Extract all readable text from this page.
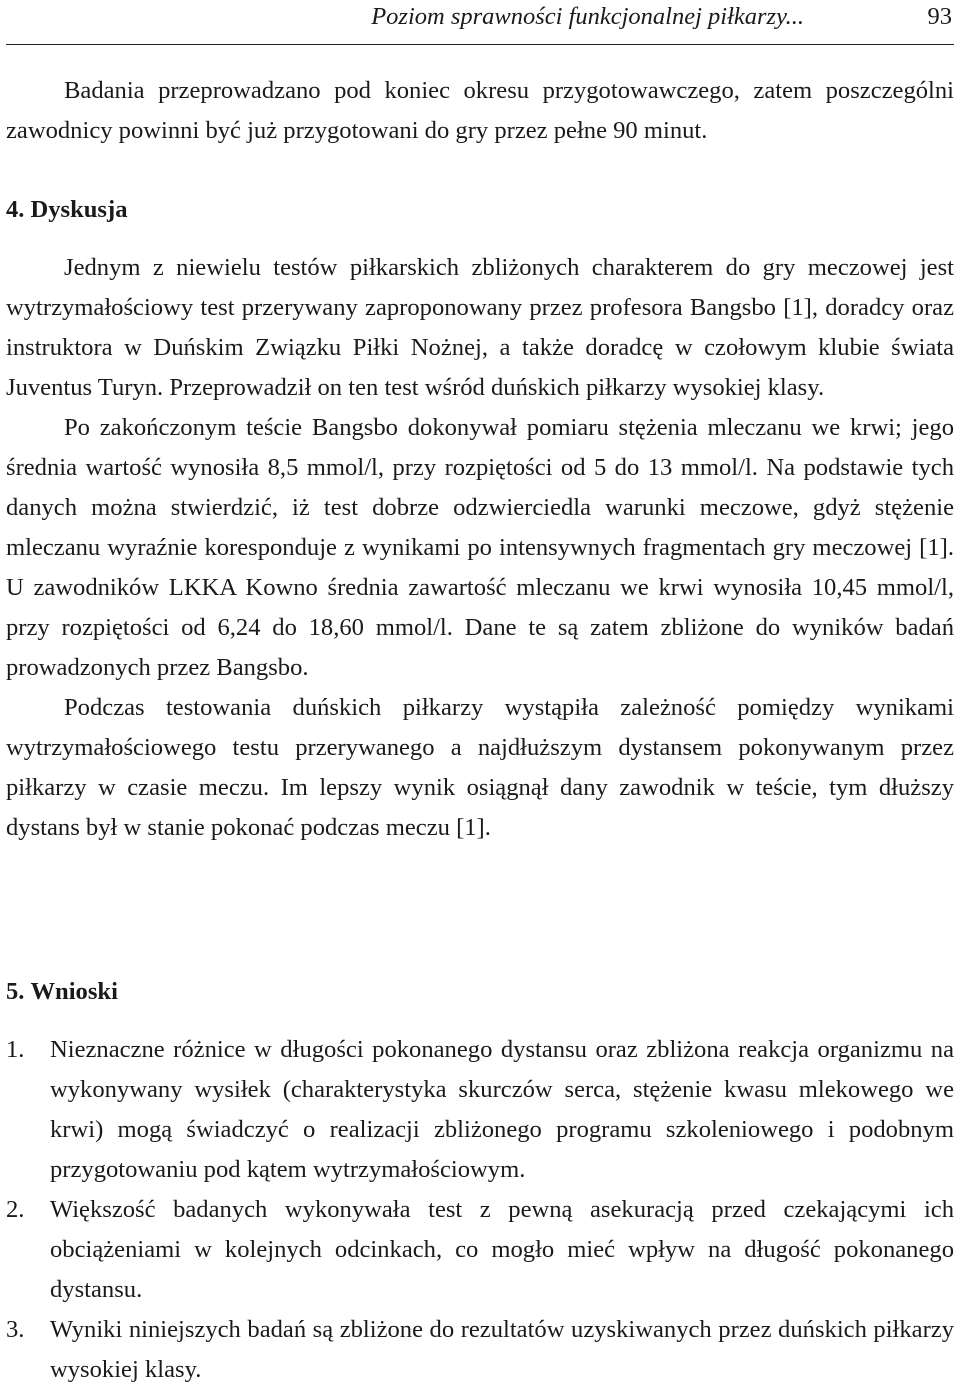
Poziom sprawności funkcjonalnej piłkarzy...	93

Badania przeprowadzano pod koniec okresu przygotowawczego, zatem poszczególni zawodnicy powinni być już przygotowani do gry przez pełne 90 minut.

4. Dyskusja

Jednym z niewielu testów piłkarskich zbliżonych charakterem do gry meczowej jest wytrzymałościowy test przerywany zaproponowany przez profesora Bangsbo [1], doradcy oraz instruktora w Duńskim Związku Piłki Nożnej, a także doradcę w czołowym klubie świata Juventus Turyn. Przeprowadził on ten test wśród duńskich piłkarzy wysokiej klasy.

Po zakończonym teście Bangsbo dokonywał pomiaru stężenia mleczanu we krwi; jego średnia wartość wynosiła 8,5 mmol/l, przy rozpiętości od 5 do 13 mmol/l. Na podstawie tych danych można stwierdzić, iż test dobrze odzwierciedla warunki meczowe, gdyż stężenie mleczanu wyraźnie koresponduje z wynikami po intensywnych fragmentach gry meczowej [1]. U zawodników LKKA Kowno średnia zawartość mleczanu we krwi wynosiła 10,45 mmol/l, przy rozpiętości od 6,24 do 18,60 mmol/l. Dane te są zatem zbliżone do wyników badań prowadzonych przez Bangsbo.

Podczas testowania duńskich piłkarzy wystąpiła zależność pomiędzy wynikami wytrzymałościowego testu przerywanego a najdłuższym dystansem pokonywanym przez piłkarzy w czasie meczu. Im lepszy wynik osiągnął dany zawodnik w teście, tym dłuższy dystans był w stanie pokonać podczas meczu [1].

5. Wnioski
1. Nieznaczne różnice w długości pokonanego dystansu oraz zbliżona reakcja organizmu na wykonywany wysiłek (charakterystyka skurczów serca, stężenie kwasu mlekowego we krwi) mogą świadczyć o realizacji zbliżonego programu szkoleniowego i podobnym przygotowaniu pod kątem wytrzymałościowym.
2. Większość badanych wykonywała test z pewną asekuracją przed czekającymi ich obciążeniami w kolejnych odcinkach, co mogło mieć wpływ na długość pokonanego dystansu.
3. Wyniki niniejszych badań są zbliżone do rezultatów uzyskiwanych przez duńskich piłkarzy wysokiej klasy.
